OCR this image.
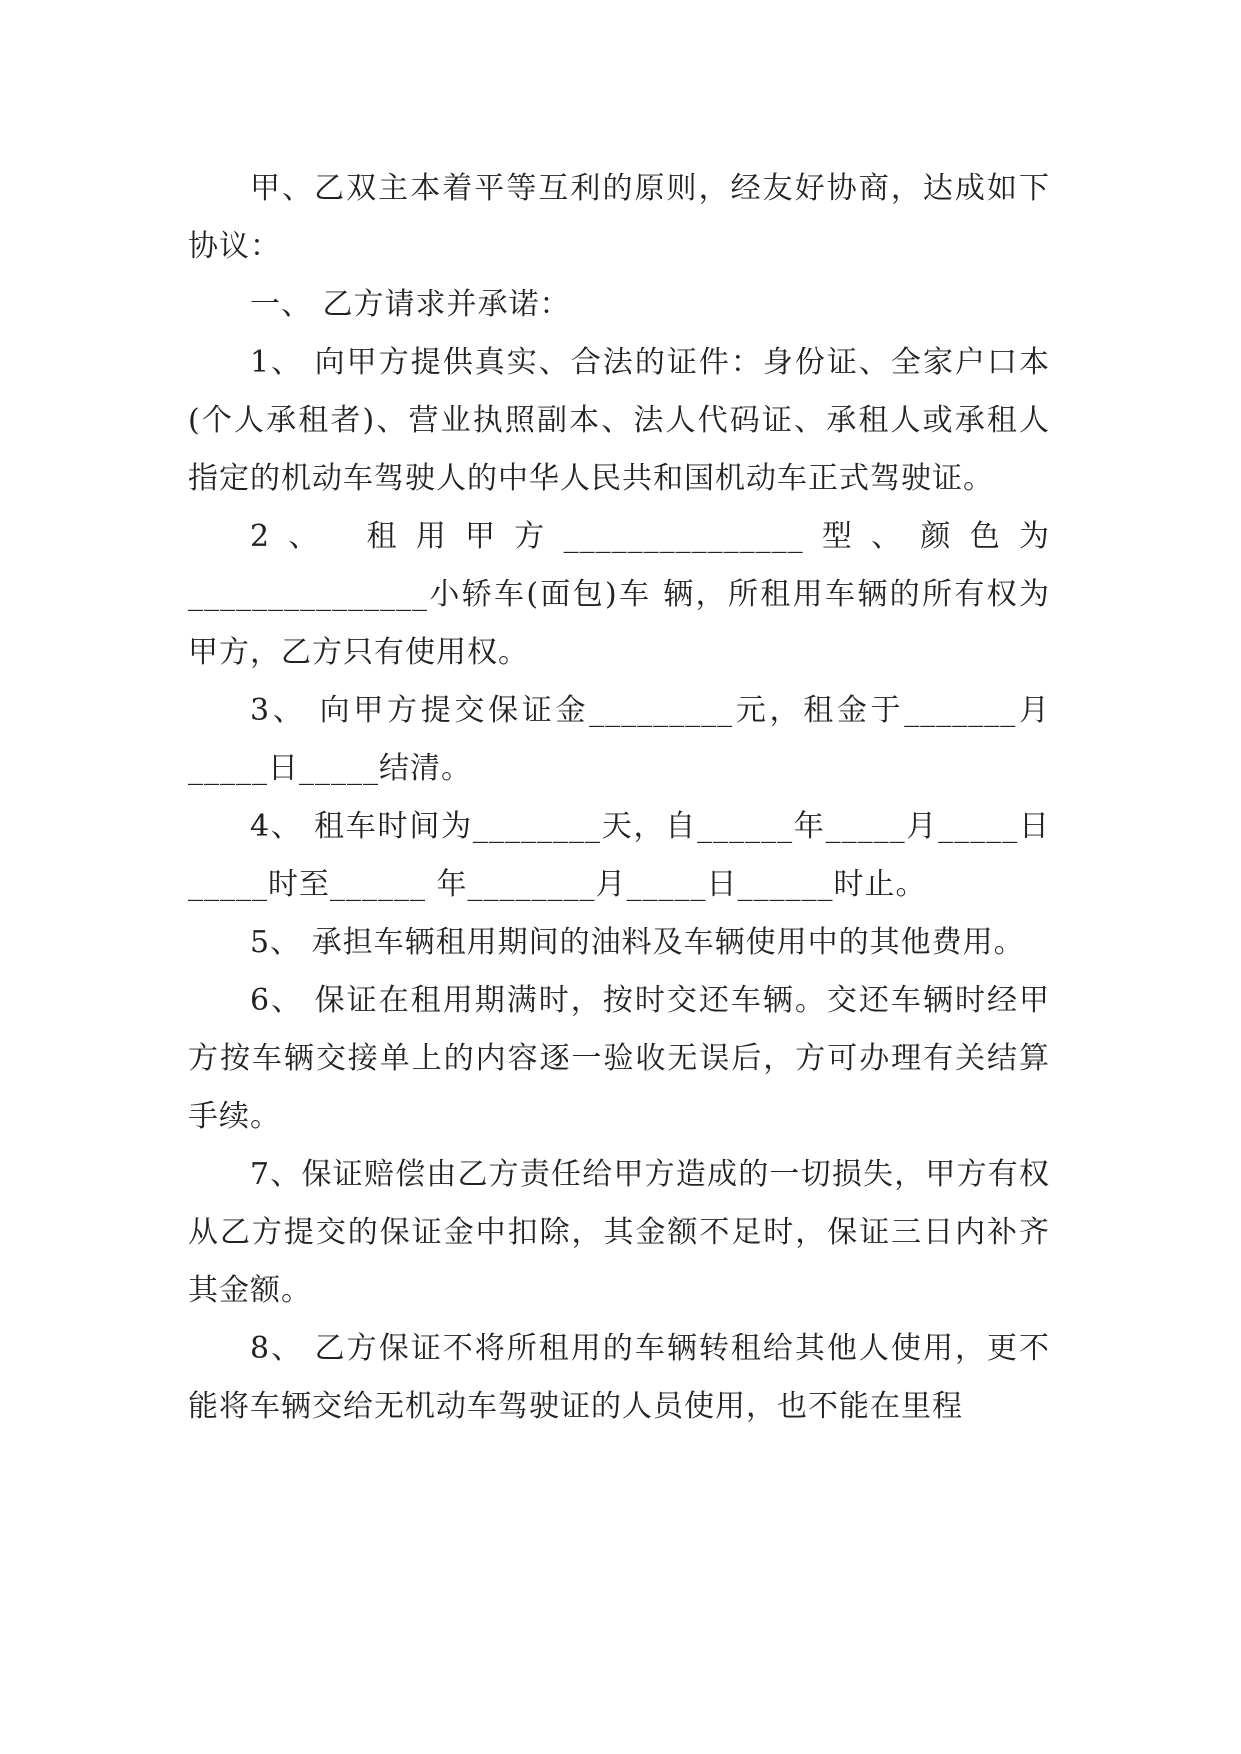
甲、乙双主本着平等互利的原则，经友好协商，达成如下协议：

一、 乙方请求并承诺：

1、 向甲方提供真实、合法的证件：身份证、全家户口本(个人承租者)、营业执照副本、法人代码证、承租人或承租人指定的机动车驾驶人的中华人民共和国机动车正式驾驶证。

2、 租用甲方_______________型、颜色为_______________小轿车(面包)车 辆，所租用车辆的所有权为甲方，乙方只有使用权。

3、 向甲方提交保证金_________元，租金于_______月_____日_____结清。

4、 租车时间为________天，自______年_____月_____日_____时至______ 年________月_____日______时止。

5、 承担车辆租用期间的油料及车辆使用中的其他费用。

6、 保证在租用期满时，按时交还车辆。交还车辆时经甲方按车辆交接单上的内容逐一验收无误后，方可办理有关结算手续。

7、保证赔偿由乙方责任给甲方造成的一切损失，甲方有权从乙方提交的保证金中扣除，其金额不足时，保证三日内补齐其金额。

8、 乙方保证不将所租用的车辆转租给其他人使用，更不能将车辆交给无机动车驾驶证的人员使用，也不能在里程
